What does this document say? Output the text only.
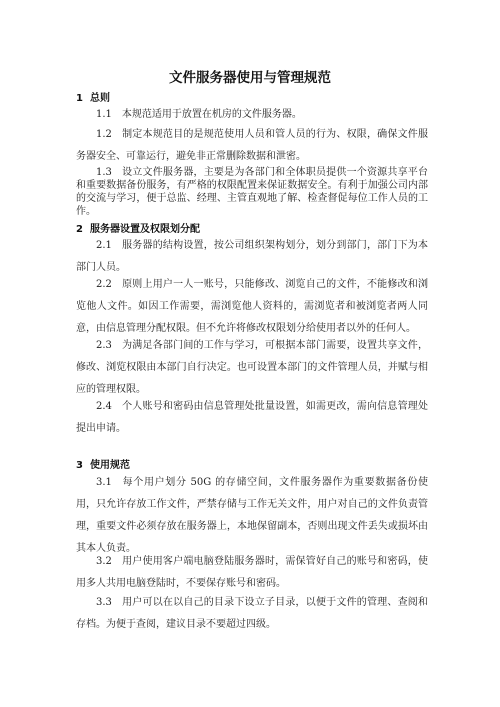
文件服务器使用与管理规范
1 总则
1.1 本规范适用于放置在机房的文件服务器。
1.2 制定本规范目的是规范使用人员和管人员的行为、权限，确保文件服务器安全、可靠运行，避免非正常删除数据和泄密。
1.3 设立文件服务器，主要是为各部门和全体职员提供一个资源共享平台和重要数据备份服务，有严格的权限配置来保证数据安全。有利于加强公司内部的交流与学习，便于总监、经理、主管直观地了解、检查督促每位工作人员的工作。
2 服务器设置及权限划分配
2.1 服务器的结构设置，按公司组织架构划分，划分到部门，部门下为本部门人员。
2.2 原则上用户一人一账号，只能修改、浏览自己的文件，不能修改和浏览他人文件。如因工作需要，需浏览他人资料的，需浏览者和被浏览者两人同意，由信息管理分配权限。但不允许将修改权限划分给使用者以外的任何人。
2.3 为满足各部门间的工作与学习，可根据本部门需要，设置共享文件，修改、浏览权限由本部门自行决定。也可设置本部门的文件管理人员，并赋与相应的管理权限。
2.4 个人账号和密码由信息管理处批量设置，如需更改，需向信息管理处提出申请。
3 使用规范
3.1 每个用户划分 50G 的存储空间，文件服务器作为重要数据备份使用，只允许存放工作文件，严禁存储与工作无关文件，用户对自己的文件负责管理，重要文件必须存放在服务器上，本地保留副本，否则出现文件丢失或损坏由其本人负责。
3.2 用户使用客户端电脑登陆服务器时，需保管好自己的账号和密码，使用多人共用电脑登陆时，不要保存账号和密码。
3.3 用户可以在以自己的目录下设立子目录，以便于文件的管理、查阅和存档。为便于查阅，建议目录不要超过四级。
